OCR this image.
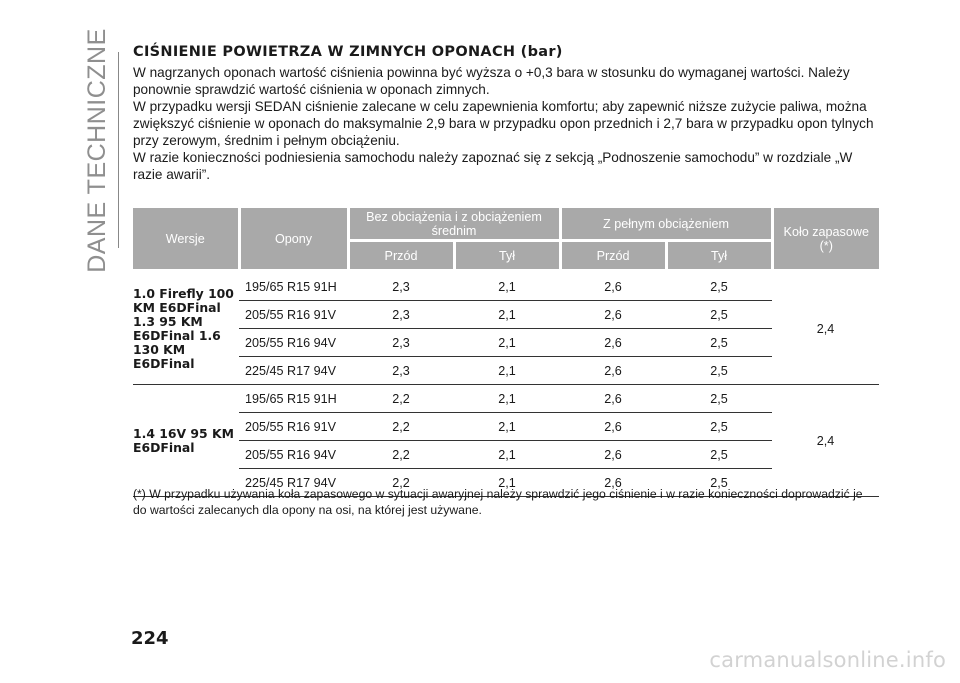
DANE TECHNICZNE CIŚNIENIE POWIETRZA W ZIMNYCH OPONACH (bar)

W nagrzanych oponach wartość ciśnienia powinna być wyższa o +0,3 bara w stosunku do wymaganej wartości. Należy ponownie sprawdzić wartość ciśnienia w oponach zimnych.

W przypadku wersji SEDAN ciśnienie zalecane w celu zapewnienia komfortu; aby zapewnić niższe zużycie paliwa, można zwiększyć ciśnienie w oponach do maksymalnie 2,9 bara w przypadku opon przednich i 2,7 bara w przypadku opon tylnych przy zerowym, średnim i pełnym obciążeniu.

W razie konieczności podniesienia samochodu należy zapoznać się z sekcją „Podnoszenie samochodu” w rozdziale „W razie awarii”.

Wersje	Opony	Bez obciążenia i z obciążeniem średnim		Z pełnym obciążeniem		Koło zapasowe (*)
		Przód	Tył	Przód	Tył	
1.0 Firefly 100 KM E6DFinal 1.3 95 KM E6DFinal 1.6 130 KM E6DFinal	195/65 R15 91H	2,3	2,1	2,6	2,5	2,4
	205/55 R16 91V	2,3	2,1	2,6	2,5	
	205/55 R16 94V	2,3	2,1	2,6	2,5	
	225/45 R17 94V	2,3	2,1	2,6	2,5	
1.4 16V 95 KM E6DFinal	195/65 R15 91H	2,2	2,1	2,6	2,5	2,4
	205/55 R16 91V	2,2	2,1	2,6	2,5	
	205/55 R16 94V	2,2	2,1	2,6	2,5	
	225/45 R17 94V	2,2	2,1	2,6	2,5	

(*) W przypadku używania koła zapasowego w sytuacji awaryjnej należy sprawdzić jego ciśnienie i w razie konieczności doprowadzić je do wartości zalecanych dla opony na osi, na której jest używane.

224
carmanualsonline.info
